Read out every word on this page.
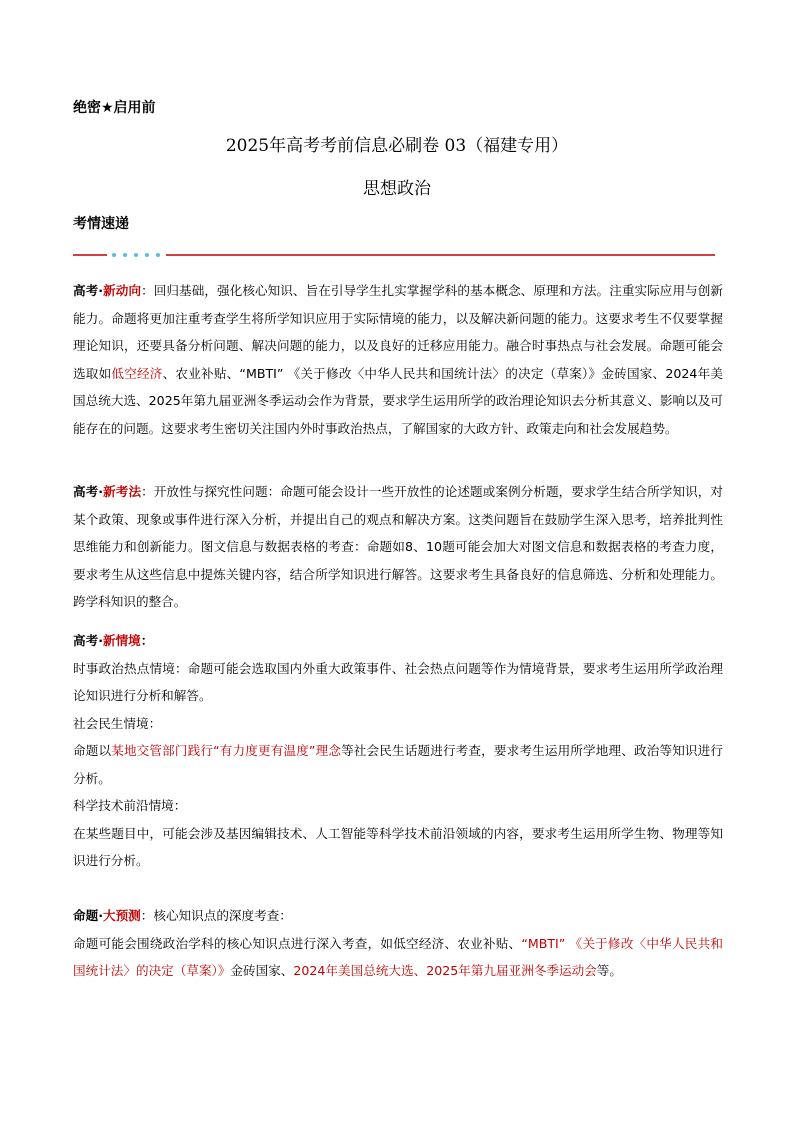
绝密★启用前
2025年高考考前信息必刷卷 03（福建专用）
思想政治
考情速递

高考·新动向：回归基础，强化核心知识、旨在引导学生扎实掌握学科的基本概念、原理和方法。注重实际应用与创新能力。命题将更加注重考查学生将所学知识应用于实际情境的能力，以及解决新问题的能力。这要求考生不仅要掌握理论知识，还要具备分析问题、解决问题的能力，以及良好的迁移应用能力。融合时事热点与社会发展。命题可能会选取如低空经济、农业补贴、“MBTI” 《关于修改〈中华人民共和国统计法〉的决定（草案）》金砖国家、2024年美国总统大选、2025年第九届亚洲冬季运动会作为背景，要求学生运用所学的政治理论知识去分析其意义、影响以及可能存在的问题。这要求考生密切关注国内外时事政治热点，了解国家的大政方针、政策走向和社会发展趋势。

高考·新考法：开放性与探究性问题：命题可能会设计一些开放性的论述题或案例分析题，要求学生结合所学知识，对某个政策、现象或事件进行深入分析，并提出自己的观点和解决方案。这类问题旨在鼓励学生深入思考，培养批判性思维能力和创新能力。图文信息与数据表格的考查：命题如8、10题可能会加大对图文信息和数据表格的考查力度，要求考生从这些信息中提炼关键内容，结合所学知识进行解答。这要求考生具备良好的信息筛选、分析和处理能力。跨学科知识的整合。

高考·新情境：

时事政治热点情境：命题可能会选取国内外重大政策事件、社会热点问题等作为情境背景，要求考生运用所学政治理论知识进行分析和解答。

社会民生情境：

命题以某地交管部门践行“有力度更有温度”理念等社会民生话题进行考查，要求考生运用所学地理、政治等知识进行分析。

科学技术前沿情境：

在某些题目中，可能会涉及基因编辑技术、人工智能等科学技术前沿领域的内容，要求考生运用所学生物、物理等知识进行分析。

命题·大预测：核心知识点的深度考查：

命题可能会围绕政治学科的核心知识点进行深入考查，如低空经济、农业补贴、“MBTI” 《关于修改〈中华人民共和国统计法〉的决定（草案）》金砖国家、2024年美国总统大选、2025年第九届亚洲冬季运动会等。
